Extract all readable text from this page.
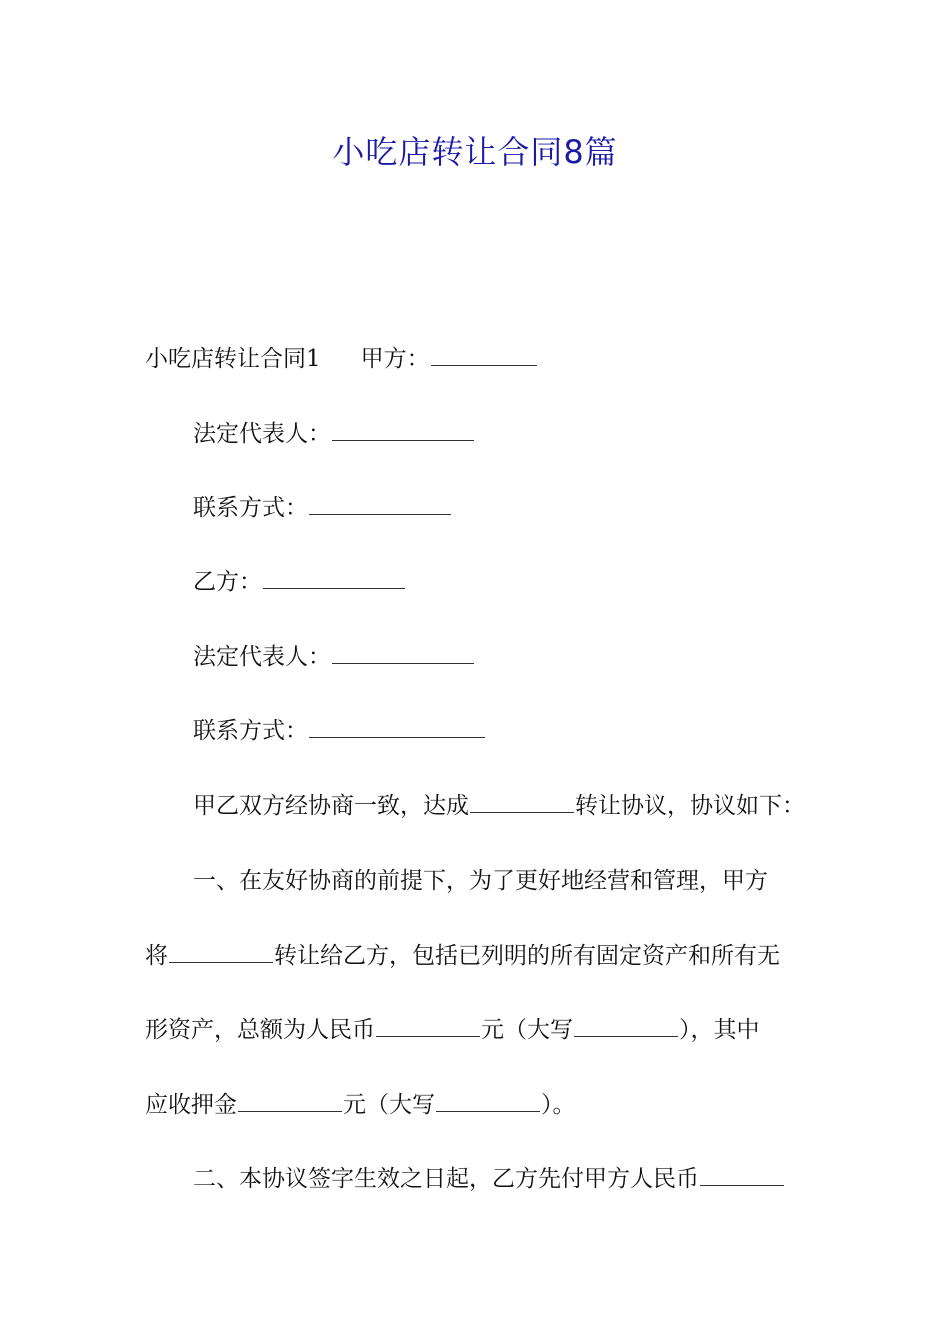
小吃店转让合同8篇
小吃店转让合同1 甲方：
法定代表人：
联系方式：
乙方：
法定代表人：
联系方式：
甲乙双方经协商一致，达成	转让协议，协议如下：
一、在友好协商的前提下，为了更好地经营和管理，甲方
将	转让给乙方，包括已列明的所有固定资产和所有无
形资产，总额为人民币	元（大写	），其中
应收押金	元（大写	）。
二、本协议签字生效之日起，乙方先付甲方人民币
